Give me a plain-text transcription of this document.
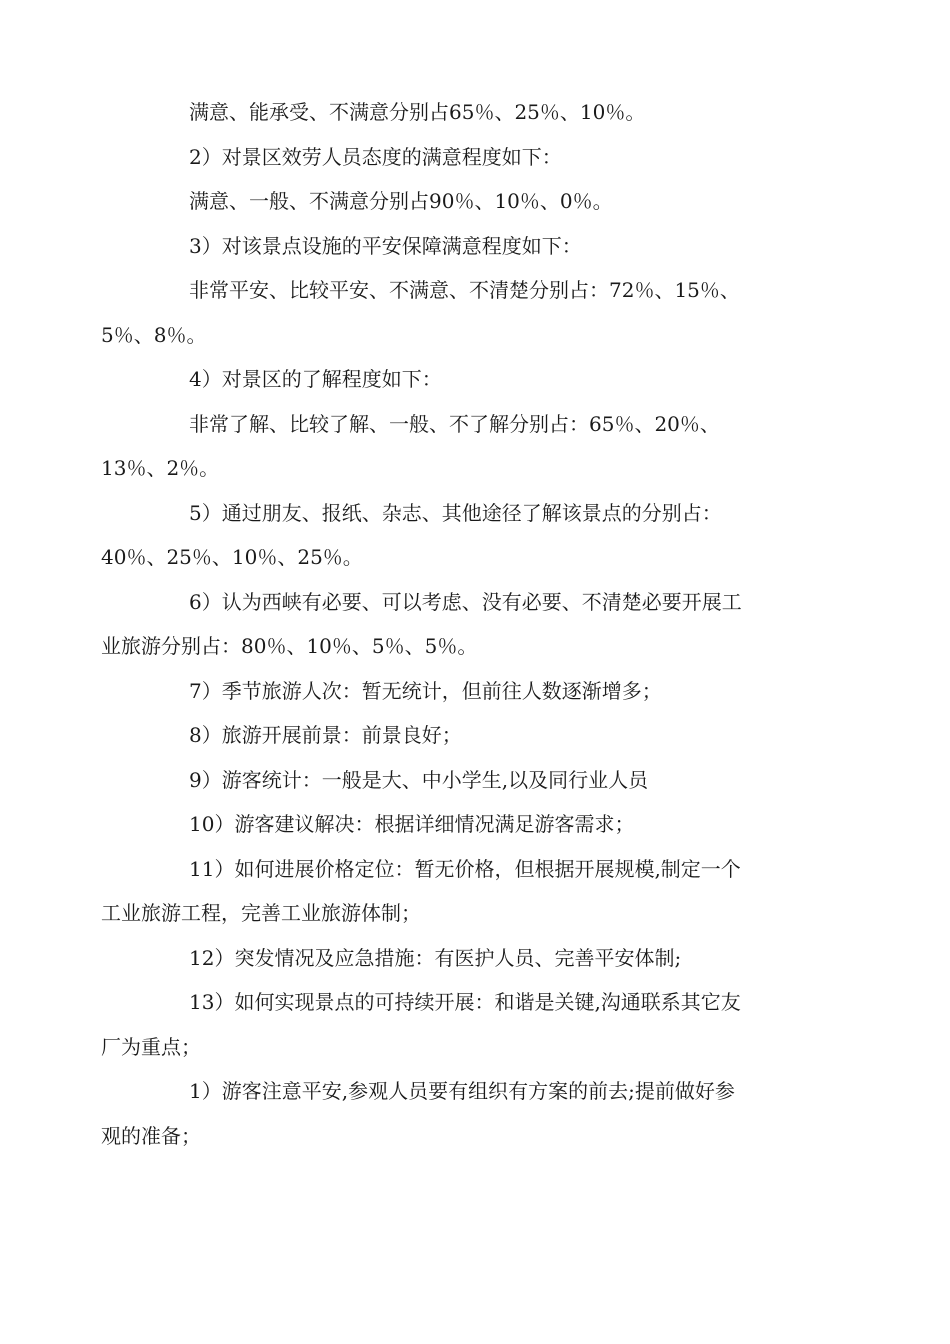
满意、能承受、不满意分别占65％、25％、10％。

2）对景区效劳人员态度的满意程度如下：

满意、一般、不满意分别占90％、10％、0％。

3）对该景点设施的平安保障满意程度如下：

非常平安、比较平安、不满意、不清楚分别占：72％、15％、
5％、8％。

4）对景区的了解程度如下：

非常了解、比较了解、一般、不了解分别占：65％、20％、
13％、2％。

5）通过朋友、报纸、杂志、其他途径了解该景点的分别占：
40％、25％、10％、25％。

6）认为西峡有必要、可以考虑、没有必要、不清楚必要开展工
业旅游分别占：80％、10％、5％、5％。

7）季节旅游人次：暂无统计，但前往人数逐渐增多；

8）旅游开展前景：前景良好；

9）游客统计：一般是大、中小学生,以及同行业人员

10）游客建议解决：根据详细情况满足游客需求；

11）如何进展价格定位：暂无价格，但根据开展规模,制定一个
工业旅游工程，完善工业旅游体制；

12）突发情况及应急措施：有医护人员、完善平安体制;

13）如何实现景点的可持续开展：和谐是关键,沟通联系其它友
厂为重点；

1）游客注意平安,参观人员要有组织有方案的前去;提前做好参
观的准备；
